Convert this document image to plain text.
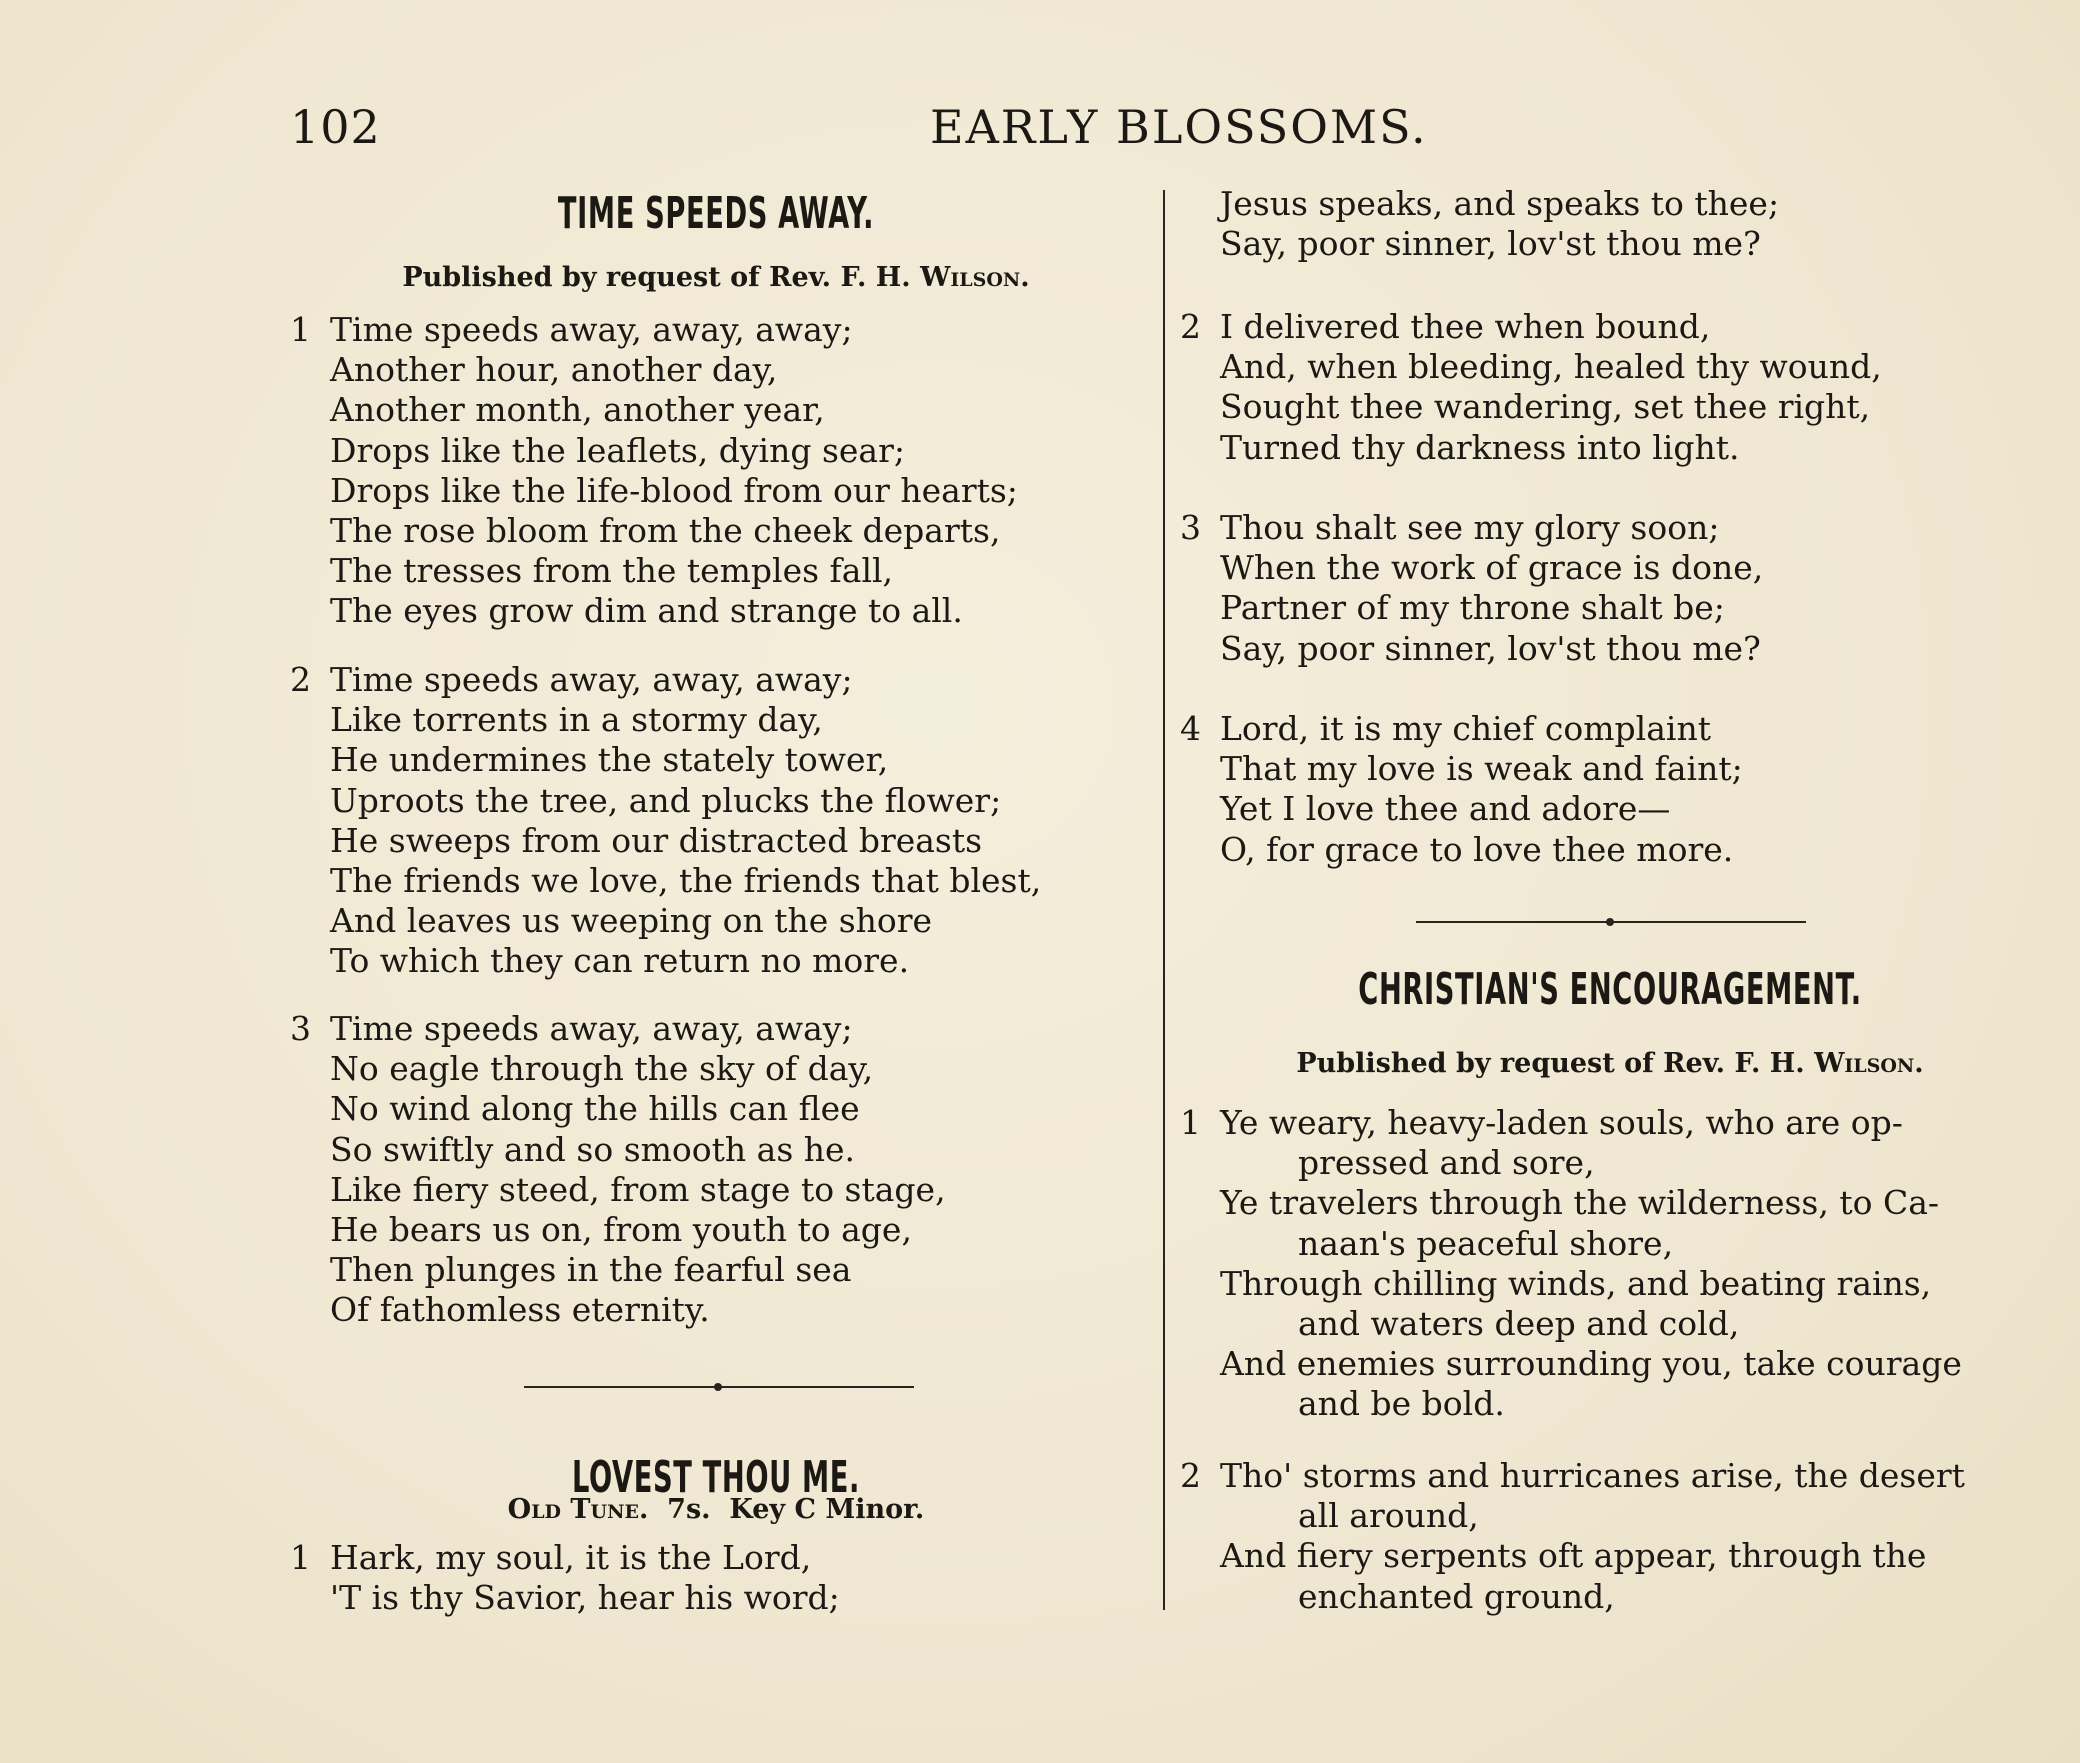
102	EARLY BLOSSOMS.
TIME SPEEDS AWAY.
Published by request of Rev. F. H. Wilson.
1 Time speeds away, away, away;
Another hour, another day,
Another month, another year,
Drops like the leaflets, dying sear;
Drops like the life-blood from our hearts;
The rose bloom from the cheek departs,
The tresses from the temples fall,
The eyes grow dim and strange to all.
2 Time speeds away, away, away;
Like torrents in a stormy day,
He undermines the stately tower,
Uproots the tree, and plucks the flower;
He sweeps from our distracted breasts
The friends we love, the friends that blest,
And leaves us weeping on the shore
To which they can return no more.
3 Time speeds away, away, away;
No eagle through the sky of day,
No wind along the hills can flee
So swiftly and so smooth as he.
Like fiery steed, from stage to stage,
He bears us on, from youth to age,
Then plunges in the fearful sea
Of fathomless eternity.
LOVEST THOU ME.
Old Tune. 7s. Key C Minor.
1 Hark, my soul, it is the Lord,
'T is thy Savior, hear his word;
Jesus speaks, and speaks to thee;
Say, poor sinner, lov'st thou me?
2 I delivered thee when bound,
And, when bleeding, healed thy wound,
Sought thee wandering, set thee right,
Turned thy darkness into light.
3 Thou shalt see my glory soon;
When the work of grace is done,
Partner of my throne shalt be;
Say, poor sinner, lov'st thou me?
4 Lord, it is my chief complaint
That my love is weak and faint;
Yet I love thee and adore—
O, for grace to love thee more.
CHRISTIAN'S ENCOURAGEMENT.
Published by request of Rev. F. H. Wilson.
1 Ye weary, heavy-laden souls, who are op-
pressed and sore,
Ye travelers through the wilderness, to Ca-
naan's peaceful shore,
Through chilling winds, and beating rains,
and waters deep and cold,
And enemies surrounding you, take courage
and be bold.
2 Tho' storms and hurricanes arise, the desert
all around,
And fiery serpents oft appear, through the
enchanted ground,
